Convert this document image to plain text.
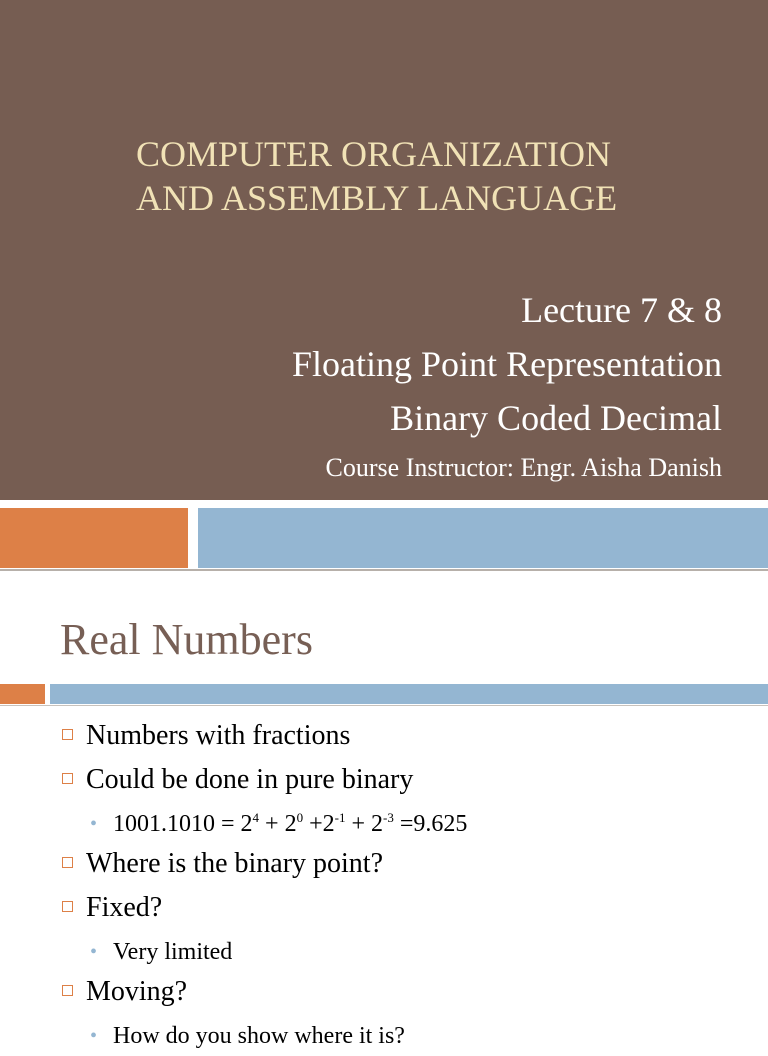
COMPUTER ORGANIZATION
AND ASSEMBLY LANGUAGE
Lecture 7 & 8
Floating Point Representation
Binary Coded Decimal
Course Instructor: Engr. Aisha Danish
Real Numbers
Numbers with fractions
Could be done in pure binary
• $1001.1010 = 2^4 + 2^0 +2^{-1} + 2^{-3} =9.625$
Where is the binary point?
Fixed?
• Very limited
Moving?
• How do you show where it is?
